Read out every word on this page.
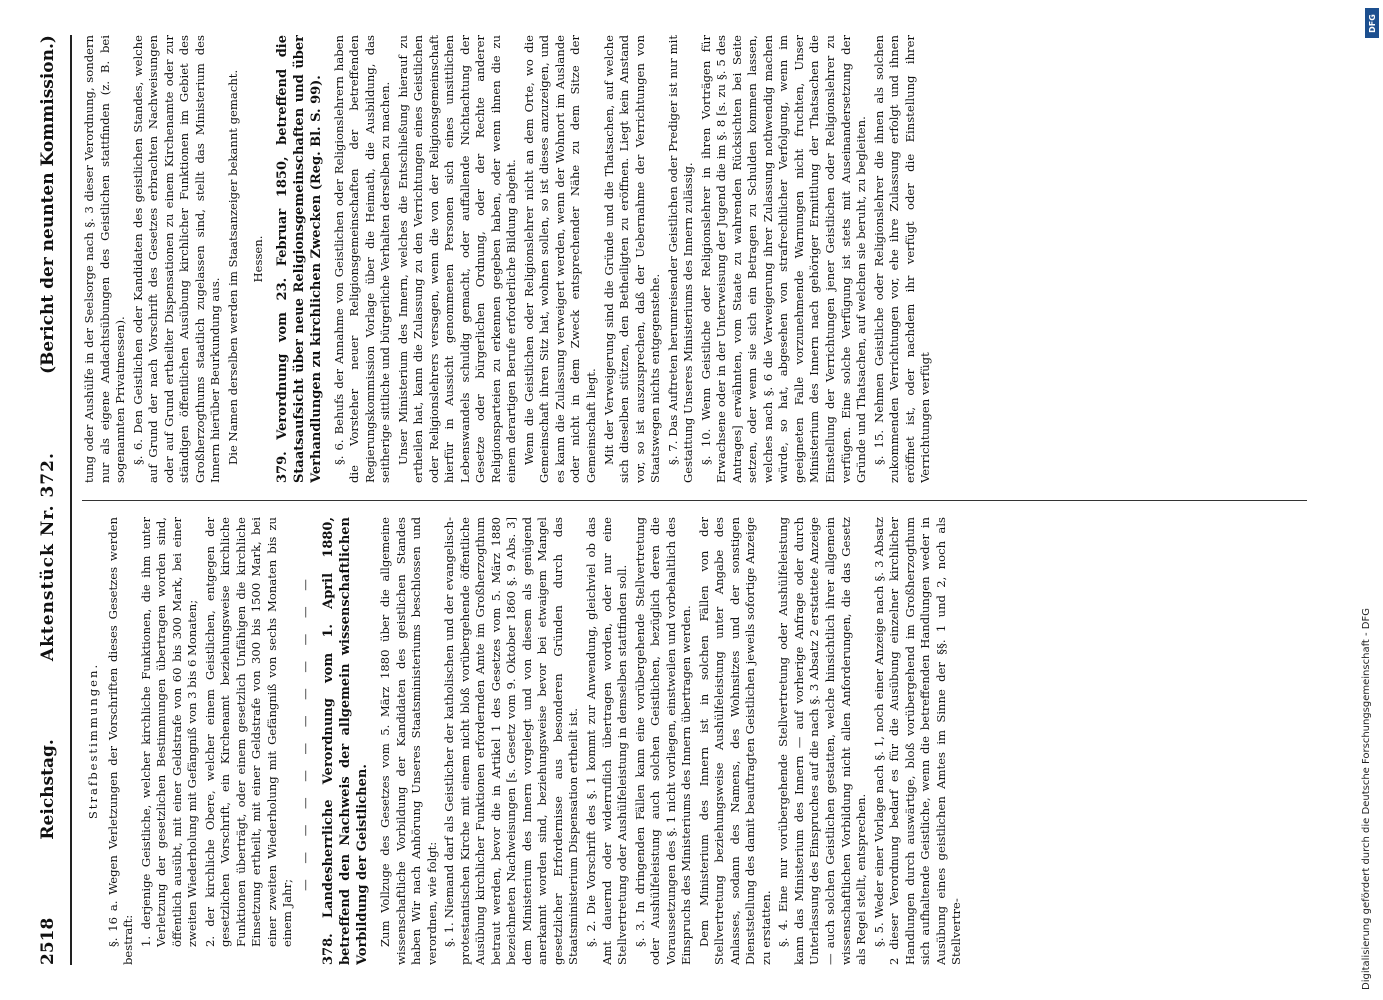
2518
Reichstag.
Aktenstück Nr. 372.
(Bericht der neunten Kommission.)

Strafbestimmungen. §. 16 a. Wegen Verletzungen der Vorschriften dieses Gesetzes werden bestraft: 1. derjenige Geistliche, welcher kirchliche Funktionen, die ihm unter Verletzung der gesetzlichen Bestimmungen übertragen worden sind, öffentlich ausübt, mit einer Geldstrafe von 60 bis 300 Mark, bei einer zweiten Wiederholung mit Gefängniß von 3 bis 6 Monaten; 2. der kirchliche Obere, welcher einem Geistlichen, entgegen der gesetzlichen Vorschrift, ein Kirchenamt beziehungsweise kirchliche Funktionen überträgt, oder einem gesetzlich Unfähigen die kirchliche Einsetzung ertheilt, mit einer Geldstrafe von 300 bis 1500 Mark, bei einer zweiten Wiederholung mit Gefängniß von sechs Monaten bis zu einem Jahr;

— — — — — — — — — — — — 378. Landesherrliche Verordnung vom 1. April 1880, betreffend den Nachweis der allgemein wissenschaftlichen Vorbildung der Geistlichen. Zum Vollzuge des Gesetzes vom 5. März 1880 über die allgemeine wissenschaftliche Vorbildung der Kandidaten des geistlichen Standes haben Wir nach Anhörung Unseres Staatsministeriums beschlossen und verordnen, wie folgt: §. 1. Niemand darf als Geistlicher der katholischen und der evangelisch-protestantischen Kirche mit einem nicht bloß vorübergehende öffentliche Ausübung kirchlicher Funktionen erfordernden Amte im Großherzogthum betraut werden, bevor die in Artikel 1 des Gesetzes vom 5. März 1880 bezeichneten Nachweisungen [s. Gesetz vom 9. Oktober 1860 §. 9 Abs. 3] dem Ministerium des Innern vorgelegt und von diesem als genügend anerkannt worden sind, beziehungsweise bevor bei etwaigem Mangel gesetzlicher Erfordernisse aus besonderen Gründen durch das Staatsministerium Dispensation ertheilt ist. §. 2. Die Vorschrift des §. 1 kommt zur Anwendung, gleichviel ob das Amt dauernd oder widerruflich übertragen worden, oder nur eine Stellvertretung oder Aushülfeleistung in demselben stattfinden soll. §. 3. In dringenden Fällen kann eine vorübergehende Stellvertretung oder Aushülfeleistung auch solchen Geistlichen, bezüglich deren die Voraussetzungen des §. 1 nicht vorliegen, einstweilen und vorbehaltlich des Einspruchs des Ministeriums des Innern übertragen werden. Dem Ministerium des Innern ist in solchen Fällen von der Stellvertretung beziehungsweise Aushülfeleistung unter Angabe des Anlasses, sodann des Namens, des Wohnsitzes und der sonstigen Dienststellung des damit beauftragten Geistlichen jeweils sofortige Anzeige zu erstatten. §. 4. Eine nur vorübergehende Stellvertretung oder Aushülfeleistung kann das Ministerium des Innern — auf vorherige Anfrage oder durch Unterlassung des Einspruches auf die nach §. 3 Absatz 2 erstattete Anzeige — auch solchen Geistlichen gestatten, welche hinsichtlich ihrer allgemein wissenschaftlichen Vorbildung nicht allen Anforderungen, die das Gesetz als Regel stellt, entsprechen. §. 5. Weder einer Vorlage nach §. 1, noch einer Anzeige nach §. 3 Absatz 2 dieser Verordnung bedarf es für die Ausübung einzelner kirchlicher Handlungen durch auswärtige, bloß vorübergehend im Großherzogthum sich aufhaltende Geistliche, wenn die betreffenden Handlungen weder in Ausübung eines geistlichen Amtes im Sinne der §§. 1 und 2, noch als Stellvertre-

tung oder Aushülfe in der Seelsorge nach §. 3 dieser Verordnung, sondern nur als eigene Andachtsübungen des Geistlichen stattfinden (z. B. bei sogenannten Privatmessen). §. 6. Den Geistlichen oder Kandidaten des geistlichen Standes, welche auf Grund der nach Vorschrift des Gesetzes erbrachten Nachweisungen oder auf Grund ertheilter Dispensationen zu einem Kirchenamte oder zur ständigen öffentlichen Ausübung kirchlicher Funktionen im Gebiet des Großherzogthums staatlich zugelassen sind, stellt das Ministerium des Innern hierüber Beurkundung aus. Die Namen derselben werden im Staatsanzeiger bekannt gemacht. Hessen. 379. Verordnung vom 23. Februar 1850, betreffend die Staatsaufsicht über neue Religionsgemeinschaften und über Verhandlungen zu kirchlichen Zwecken (Reg. Bl. S. 99). §. 6. Behufs der Annahme von Geistlichen oder Religionslehrern haben die Vorsteher neuer Religionsgemeinschaften der betreffenden Regierungskommission Vorlage über die Heimath, die Ausbildung, das seitherige sittliche und bürgerliche Verhalten derselben zu machen. Unser Ministerium des Innern, welches die Entschließung hierauf zu ertheilen hat, kann die Zulassung zu den Verrichtungen eines Geistlichen oder Religionslehrers versagen, wenn die von der Religionsgemeinschaft hierfür in Aussicht genommenen Personen sich eines unsittlichen Lebenswandels schuldig gemacht, oder auffallende Nichtachtung der Gesetze oder bürgerlichen Ordnung, oder der Rechte anderer Religionsparteien zu erkennen gegeben haben, oder wenn ihnen die zu einem derartigen Berufe erforderliche Bildung abgeht. Wenn die Geistlichen oder Religionslehrer nicht an dem Orte, wo die Gemeinschaft ihren Sitz hat, wohnen sollen, so ist dieses anzuzeigen, und es kann die Zulassung verweigert werden, wenn der Wohnort im Auslande oder nicht in dem Zweck entsprechender Nähe zu dem Sitze der Gemeinschaft liegt. Mit der Verweigerung sind die Gründe und die Thatsachen, auf welche sich dieselben stützen, den Betheiligten zu eröffnen. Liegt kein Anstand vor, so ist auszusprechen, daß der Uebernahme der Verrichtungen von Staatswegen nichts entgegenstehe. §. 7. Das Auftreten herumreisender Geistlichen oder Prediger ist nur mit Gestattung Unseres Ministeriums des Innern zulässig. §. 10. Wenn Geistliche oder Religionslehrer in ihren Vorträgen für Erwachsene oder in der Unterweisung der Jugend die im §. 8 [s. zu §. 5 des Antrages] erwähnten, vom Staate zu wahrenden Rücksichten bei Seite setzen, oder wenn sie sich ein Betragen zu Schulden kommen lassen, welches nach §. 6 die Verweigerung ihrer Zulassung nothwendig machen würde, so hat, abgesehen von strafrechtlicher Verfolgung, wenn im geeigneten Falle vorzunehmende Warnungen nicht fruchten, Unser Ministerium des Innern nach gehöriger Ermittlung der Thatsachen die Einstellung der Verrichtungen jener Geistlichen oder Religionslehrer zu verfügen. Eine solche Verfügung ist stets mit Auseinandersetzung der Gründe und Thatsachen, auf welchen sie beruht, zu begleiten. §. 15. Nehmen Geistliche oder Religionslehrer die ihnen als solchen zukommenden Verrichtungen vor, ehe ihre Zulassung erfolgt und ihnen eröffnet ist, oder nachdem ihr verfügt oder die Einstellung ihrer Verrichtungen verfügt

Digitalisierung gefördert durch die Deutsche Forschungsgemeinschaft - DFG
DFG
